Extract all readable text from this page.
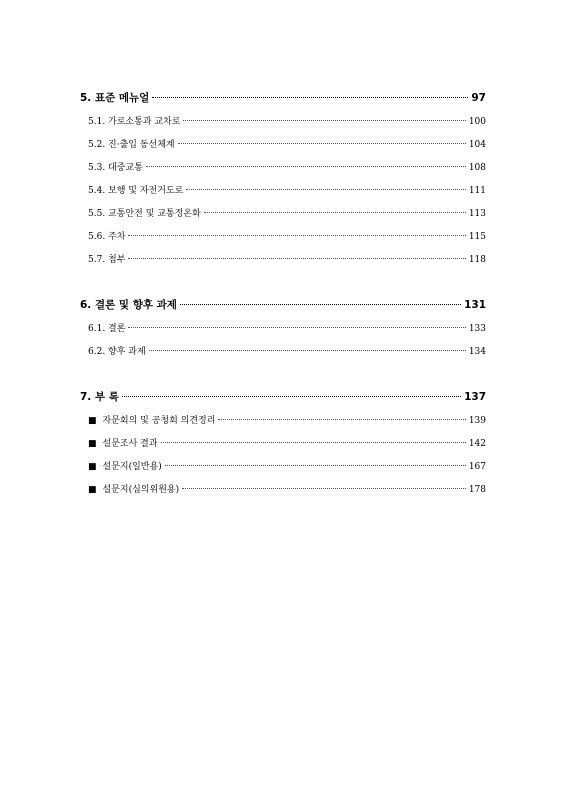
5. 표준 메뉴얼	97
5.1. 가로소통과 교차로	100
5.2. 진·출입 동선체계	104
5.3. 대중교통	108
5.4. 보행 및 자전거도로	111
5.5. 교통안전 및 교통정온화	113
5.6. 주차	115
5.7. 첨부	118
6. 결론 및 향후 과제	131
6.1. 결론	133
6.2. 향후 과제	134
7. 부 록	137
■ 자문회의 및 공청회 의견정리	139
■ 설문조사 결과	142
■ 설문지(일반용)	167
■ 설문지(심의위원용)	178
